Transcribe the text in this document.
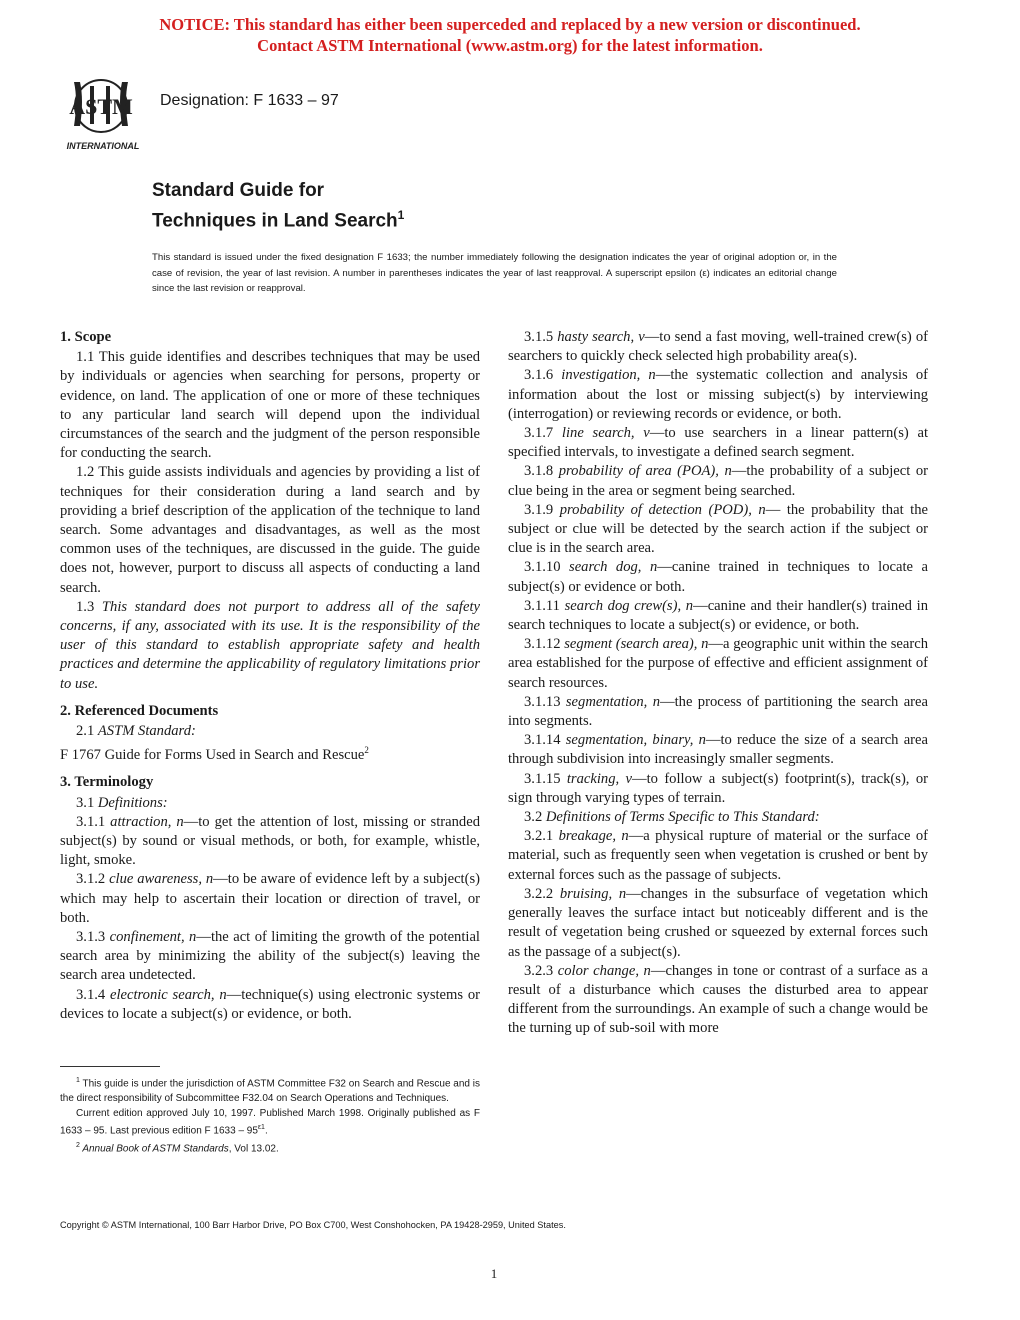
NOTICE: This standard has either been superceded and replaced by a new version or discontinued.
Contact ASTM International (www.astm.org) for the latest information.
ASTM
INTERNATIONAL
Designation: F 1633 – 97
Standard Guide for
Techniques in Land Search$^1$
This standard is issued under the fixed designation F 1633; the number immediately following the designation indicates the year of original adoption or, in the case of revision, the year of last revision. A number in parentheses indicates the year of last reapproval. A superscript epsilon (ε) indicates an editorial change since the last revision or reapproval.
1. Scope

1.1 This guide identifies and describes techniques that may be used by individuals or agencies when searching for persons, property or evidence, on land. The application of one or more of these techniques to any particular land search will depend upon the individual circumstances of the search and the judgment of the person responsible for conducting the search.

1.2 This guide assists individuals and agencies by providing a list of techniques for their consideration during a land search and by providing a brief description of the application of the technique to land search. Some advantages and disadvantages, as well as the most common uses of the techniques, are discussed in the guide. The guide does not, however, purport to discuss all aspects of conducting a land search.

1.3 This standard does not purport to address all of the safety concerns, if any, associated with its use. It is the responsibility of the user of this standard to establish appropriate safety and health practices and determine the applicability of regulatory limitations prior to use.

2. Referenced Documents

2.1 ASTM Standard:

F 1767 Guide for Forms Used in Search and Rescue$^2$

3. Terminology

3.1 Definitions:

3.1.1 attraction, n—to get the attention of lost, missing or stranded subject(s) by sound or visual methods, or both, for example, whistle, light, smoke.

3.1.2 clue awareness, n—to be aware of evidence left by a subject(s) which may help to ascertain their location or direction of travel, or both.

3.1.3 confinement, n—the act of limiting the growth of the potential search area by minimizing the ability of the subject(s) leaving the search area undetected.

3.1.4 electronic search, n—technique(s) using electronic systems or devices to locate a subject(s) or evidence, or both.

3.1.5 hasty search, v—to send a fast moving, well-trained crew(s) of searchers to quickly check selected high probability area(s).

3.1.6 investigation, n—the systematic collection and analysis of information about the lost or missing subject(s) by interviewing (interrogation) or reviewing records or evidence, or both.

3.1.7 line search, v—to use searchers in a linear pattern(s) at specified intervals, to investigate a defined search segment.

3.1.8 probability of area (POA), n—the probability of a subject or clue being in the area or segment being searched.

3.1.9 probability of detection (POD), n— the probability that the subject or clue will be detected by the search action if the subject or clue is in the search area.

3.1.10 search dog, n—canine trained in techniques to locate a subject(s) or evidence or both.

3.1.11 search dog crew(s), n—canine and their handler(s) trained in search techniques to locate a subject(s) or evidence, or both.

3.1.12 segment (search area), n—a geographic unit within the search area established for the purpose of effective and efficient assignment of search resources.

3.1.13 segmentation, n—the process of partitioning the search area into segments.

3.1.14 segmentation, binary, n—to reduce the size of a search area through subdivision into increasingly smaller segments.

3.1.15 tracking, v—to follow a subject(s) footprint(s), track(s), or sign through varying types of terrain.

3.2 Definitions of Terms Specific to This Standard:

3.2.1 breakage, n—a physical rupture of material or the surface of material, such as frequently seen when vegetation is crushed or bent by external forces such as the passage of subjects.

3.2.2 bruising, n—changes in the subsurface of vegetation which generally leaves the surface intact but noticeably different and is the result of vegetation being crushed or squeezed by external forces such as the passage of a subject(s).

3.2.3 color change, n—changes in tone or contrast of a surface as a result of a disturbance which causes the disturbed area to appear different from the surroundings. An example of such a change would be the turning up of sub-soil with more

$^1$ This guide is under the jurisdiction of ASTM Committee F32 on Search and Rescue and is the direct responsibility of Subcommittee F32.04 on Search Operations and Techniques.

Current edition approved July 10, 1997. Published March 1998. Originally published as F 1633 – 95. Last previous edition F $1633 - 95^{\varepsilon 1}$.

$^2$ Annual Book of ASTM Standards, Vol 13.02.

Copyright © ASTM International, 100 Barr Harbor Drive, PO Box C700, West Conshohocken, PA 19428-2959, United States.
1
